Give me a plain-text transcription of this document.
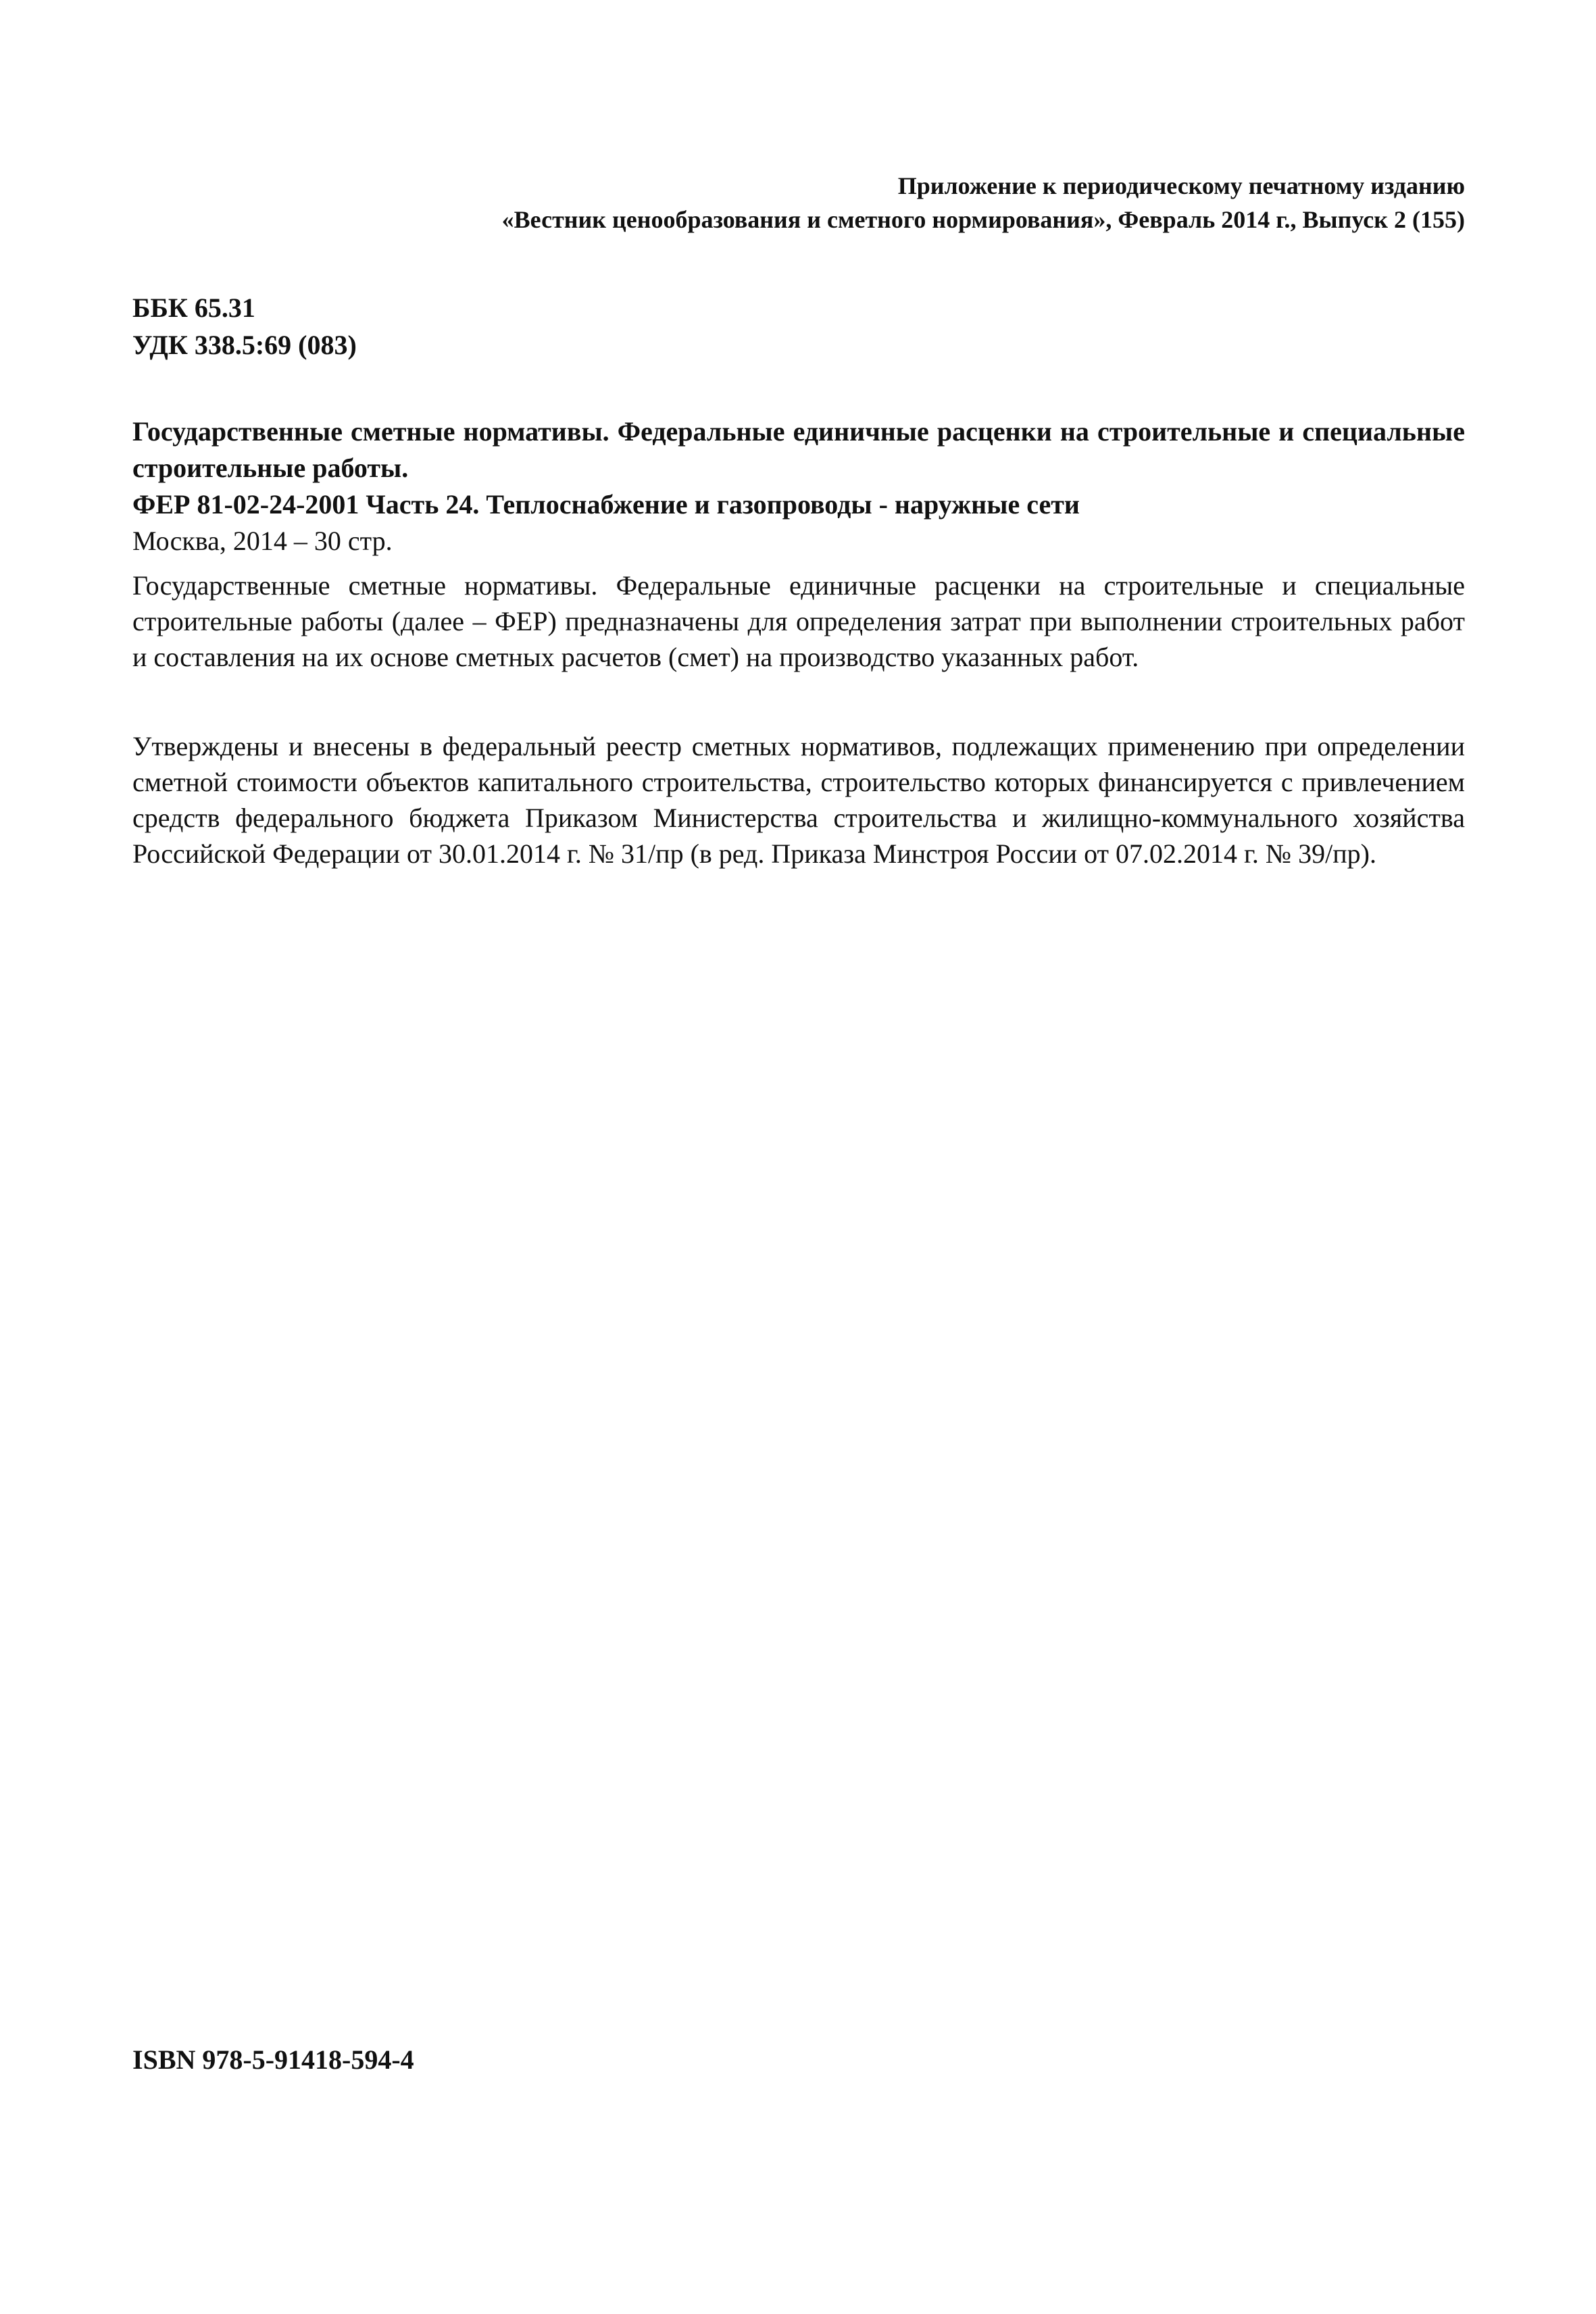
Приложение к периодическому печатному изданию
«Вестник ценообразования и сметного нормирования», Февраль 2014 г., Выпуск 2 (155)
ББК 65.31
УДК 338.5:69 (083)
Государственные сметные нормативы. Федеральные единичные расценки на строительные и специальные строительные работы.
ФЕР 81-02-24-2001 Часть 24. Теплоснабжение и газопроводы - наружные сети
Москва, 2014 – 30 стр.
Государственные сметные нормативы. Федеральные единичные расценки на строительные и специальные строительные работы (далее – ФЕР) предназначены для определения затрат при выполнении строительных работ и составления на их основе сметных расчетов (смет) на производство указанных работ.
Утверждены и внесены в федеральный реестр сметных нормативов, подлежащих применению при определении сметной стоимости объектов капитального строительства, строительство которых финансируется с привлечением средств федерального бюджета Приказом Министерства строительства и жилищно-коммунального хозяйства Российской Федерации от 30.01.2014 г. № 31/пр (в ред. Приказа Минстроя России от 07.02.2014 г. № 39/пр).
ISBN 978-5-91418-594-4
